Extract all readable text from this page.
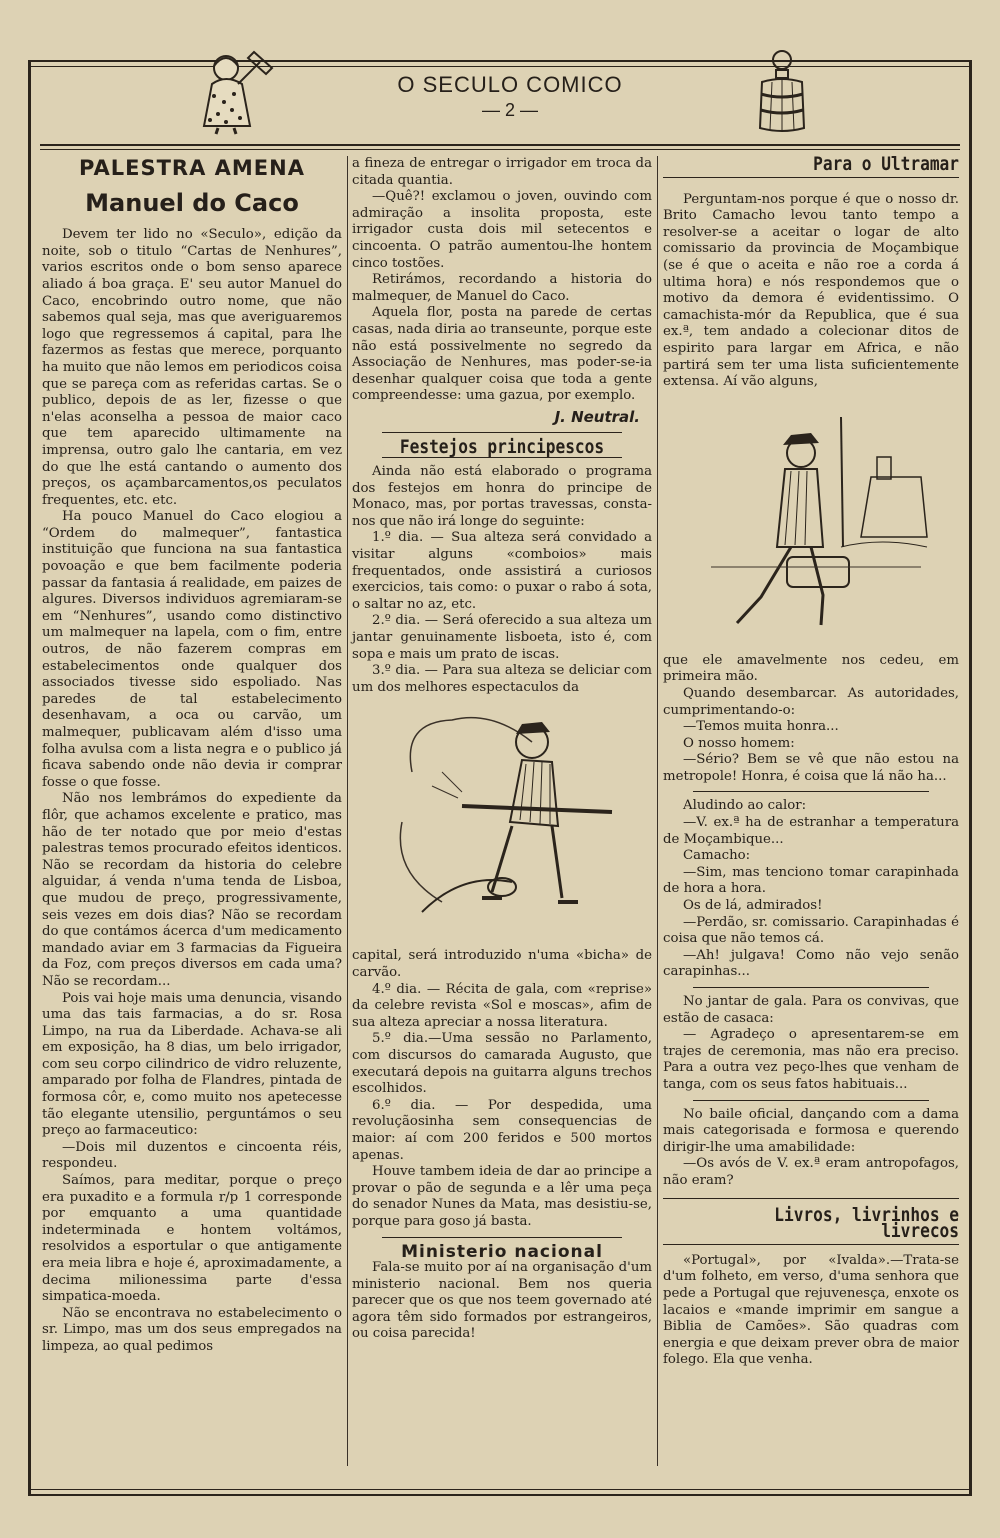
O SECULO COMICO
— 2 —
PALESTRA AMENA
Manuel do Caco

Devem ter lido no «Seculo», edição da noite, sob o titulo “Cartas de Nenhures”, varios escritos onde o bom senso aparece aliado á boa graça. E' seu autor Manuel do Caco, encobrindo outro nome, que não sabemos qual seja, mas que averiguaremos logo que regressemos á capital, para lhe fazermos as festas que merece, porquanto ha muito que não lemos em periodicos coisa que se pareça com as referidas cartas. Se o publico, depois de as ler, fizesse o que n'elas aconselha a pessoa de maior caco que tem aparecido ultimamente na imprensa, outro galo lhe cantaria, em vez do que lhe está cantando o aumento dos preços, os açambarcamentos,os peculatos frequentes, etc. etc.

Ha pouco Manuel do Caco elogiou a “Ordem do malmequer”, fantastica instituição que funciona na sua fantastica povoação e que bem facilmente poderia passar da fantasia á realidade, em paizes de algures. Diversos individuos agremiaram-se em “Nenhures”, usando como distinctivo um malmequer na lapela, com o fim, entre outros, de não fazerem compras em estabelecimentos onde qualquer dos associados tivesse sido espoliado. Nas paredes de tal estabelecimento desenhavam, a oca ou carvão, um malmequer, publicavam além d'isso uma folha avulsa com a lista negra e o publico já ficava sabendo onde não devia ir comprar fosse o que fosse.

Não nos lembrámos do expediente da flôr, que achamos excelente e pratico, mas hão de ter notado que por meio d'estas palestras temos procurado efeitos identicos. Não se recordam da historia do celebre alguidar, á venda n'uma tenda de Lisboa, que mudou de preço, progressivamente, seis vezes em dois dias? Não se recordam do que contámos ácerca d'um medicamento mandado aviar em 3 farmacias da Figueira da Foz, com preços diversos em cada uma? Não se recordam...

Pois vai hoje mais uma denuncia, visando uma das tais farmacias, a do sr. Rosa Limpo, na rua da Liberdade. Achava-se ali em exposição, ha 8 dias, um belo irrigador, com seu corpo cilindrico de vidro reluzente, amparado por folha de Flandres, pintada de formosa côr, e, como muito nos apetecesse tão elegante utensilio, perguntámos o seu preço ao farmaceutico:

—Dois mil duzentos e cincoenta réis, respondeu.

Saímos, para meditar, porque o preço era puxadito e a formula r/p 1 corresponde por emquanto a uma quantidade indeterminada e hontem voltámos, resolvidos a esportular o que antigamente era meia libra e hoje é, aproximadamente, a decima milionessima parte d'essa simpatica-moeda.

Não se encontrava no estabelecimento o sr. Limpo, mas um dos seus empregados na limpeza, ao qual pedimos

a fineza de entregar o irrigador em troca da citada quantia.

—Quê?! exclamou o joven, ouvindo com admiração a insolita proposta, este irrigador custa dois mil setecentos e cincoenta. O patrão aumentou-lhe hontem cinco tostões.

Retirámos, recordando a historia do malmequer, de Manuel do Caco.

Aquela flor, posta na parede de certas casas, nada diria ao transeunte, porque este não está possivelmente no segredo da Associação de Nenhures, mas poder-se-ia desenhar qualquer coisa que toda a gente compreendesse: uma gazua, por exemplo.

J. Neutral.
Festejos principescos

Ainda não está elaborado o programa dos festejos em honra do principe de Monaco, mas, por portas travessas, consta-nos que não irá longe do seguinte:

1.º dia. — Sua alteza será convidado a visitar alguns «comboios» mais frequentados, onde assistirá a curiosos exercicios, tais como: o puxar o rabo á sota, o saltar no az, etc.

2.º dia. — Será oferecido a sua alteza um jantar genuinamente lisboeta, isto é, com sopa e mais um prato de iscas.

3.º dia. — Para sua alteza se deliciar com um dos melhores espectaculos da

capital, será introduzido n'uma «bicha» de carvão.

4.º dia. — Récita de gala, com «reprise» da celebre revista «Sol e moscas», afim de sua alteza apreciar a nossa literatura.

5.º dia.—Uma sessão no Parlamento, com discursos do camarada Augusto, que executará depois na guitarra alguns trechos escolhidos.

6.º dia. — Por despedida, uma revoluçãosinha sem consequencias de maior: aí com 200 feridos e 500 mortos apenas.

Houve tambem ideia de dar ao principe a provar o pão de segunda e a lêr uma peça do senador Nunes da Mata, mas desistiu-se, porque para goso já basta.

Ministerio nacional

Fala-se muito por aí na organisação d'um ministerio nacional. Bem nos queria parecer que os que nos teem governado até agora têm sido formados por estrangeiros, ou coisa parecida!

Para o Ultramar

Perguntam-nos porque é que o nosso dr. Brito Camacho levou tanto tempo a resolver-se a aceitar o logar de alto comissario da provincia de Moçambique (se é que o aceita e não roe a corda á ultima hora) e nós respondemos que o motivo da demora é evidentissimo. O camachista-mór da Republica, que é sua ex.ª, tem andado a colecionar ditos de espirito para largar em Africa, e não partirá sem ter uma lista suficientemente extensa. Aí vão alguns,

que ele amavelmente nos cedeu, em primeira mão.

Quando desembarcar. As autoridades, cumprimentando-o:

—Temos muita honra...

O nosso homem:

—Sério? Bem se vê que não estou na metropole! Honra, é coisa que lá não ha...

Aludindo ao calor:

—V. ex.ª ha de estranhar a temperatura de Moçambique...

Camacho:

—Sim, mas tenciono tomar carapinhada de hora a hora.

Os de lá, admirados!

—Perdão, sr. comissario. Carapinhadas é coisa que não temos cá.

—Ah! julgava! Como não vejo senão carapinhas...

No jantar de gala. Para os convivas, que estão de casaca:

— Agradeço o apresentarem-se em trajes de ceremonia, mas não era preciso. Para a outra vez peço-lhes que venham de tanga, com os seus fatos habituais...

No baile oficial, dançando com a dama mais categorisada e formosa e querendo dirigir-lhe uma amabilidade:

—Os avós de V. ex.ª eram antropofagos, não eram?

Livros, livrinhos e livrecos

«Portugal», por «Ivalda».—Trata-se d'um folheto, em verso, d'uma senhora que pede a Portugal que rejuvenesça, enxote os lacaios e «mande imprimir em sangue a Biblia de Camões». São quadras com energia e que deixam prever obra de maior folego. Ela que venha.
